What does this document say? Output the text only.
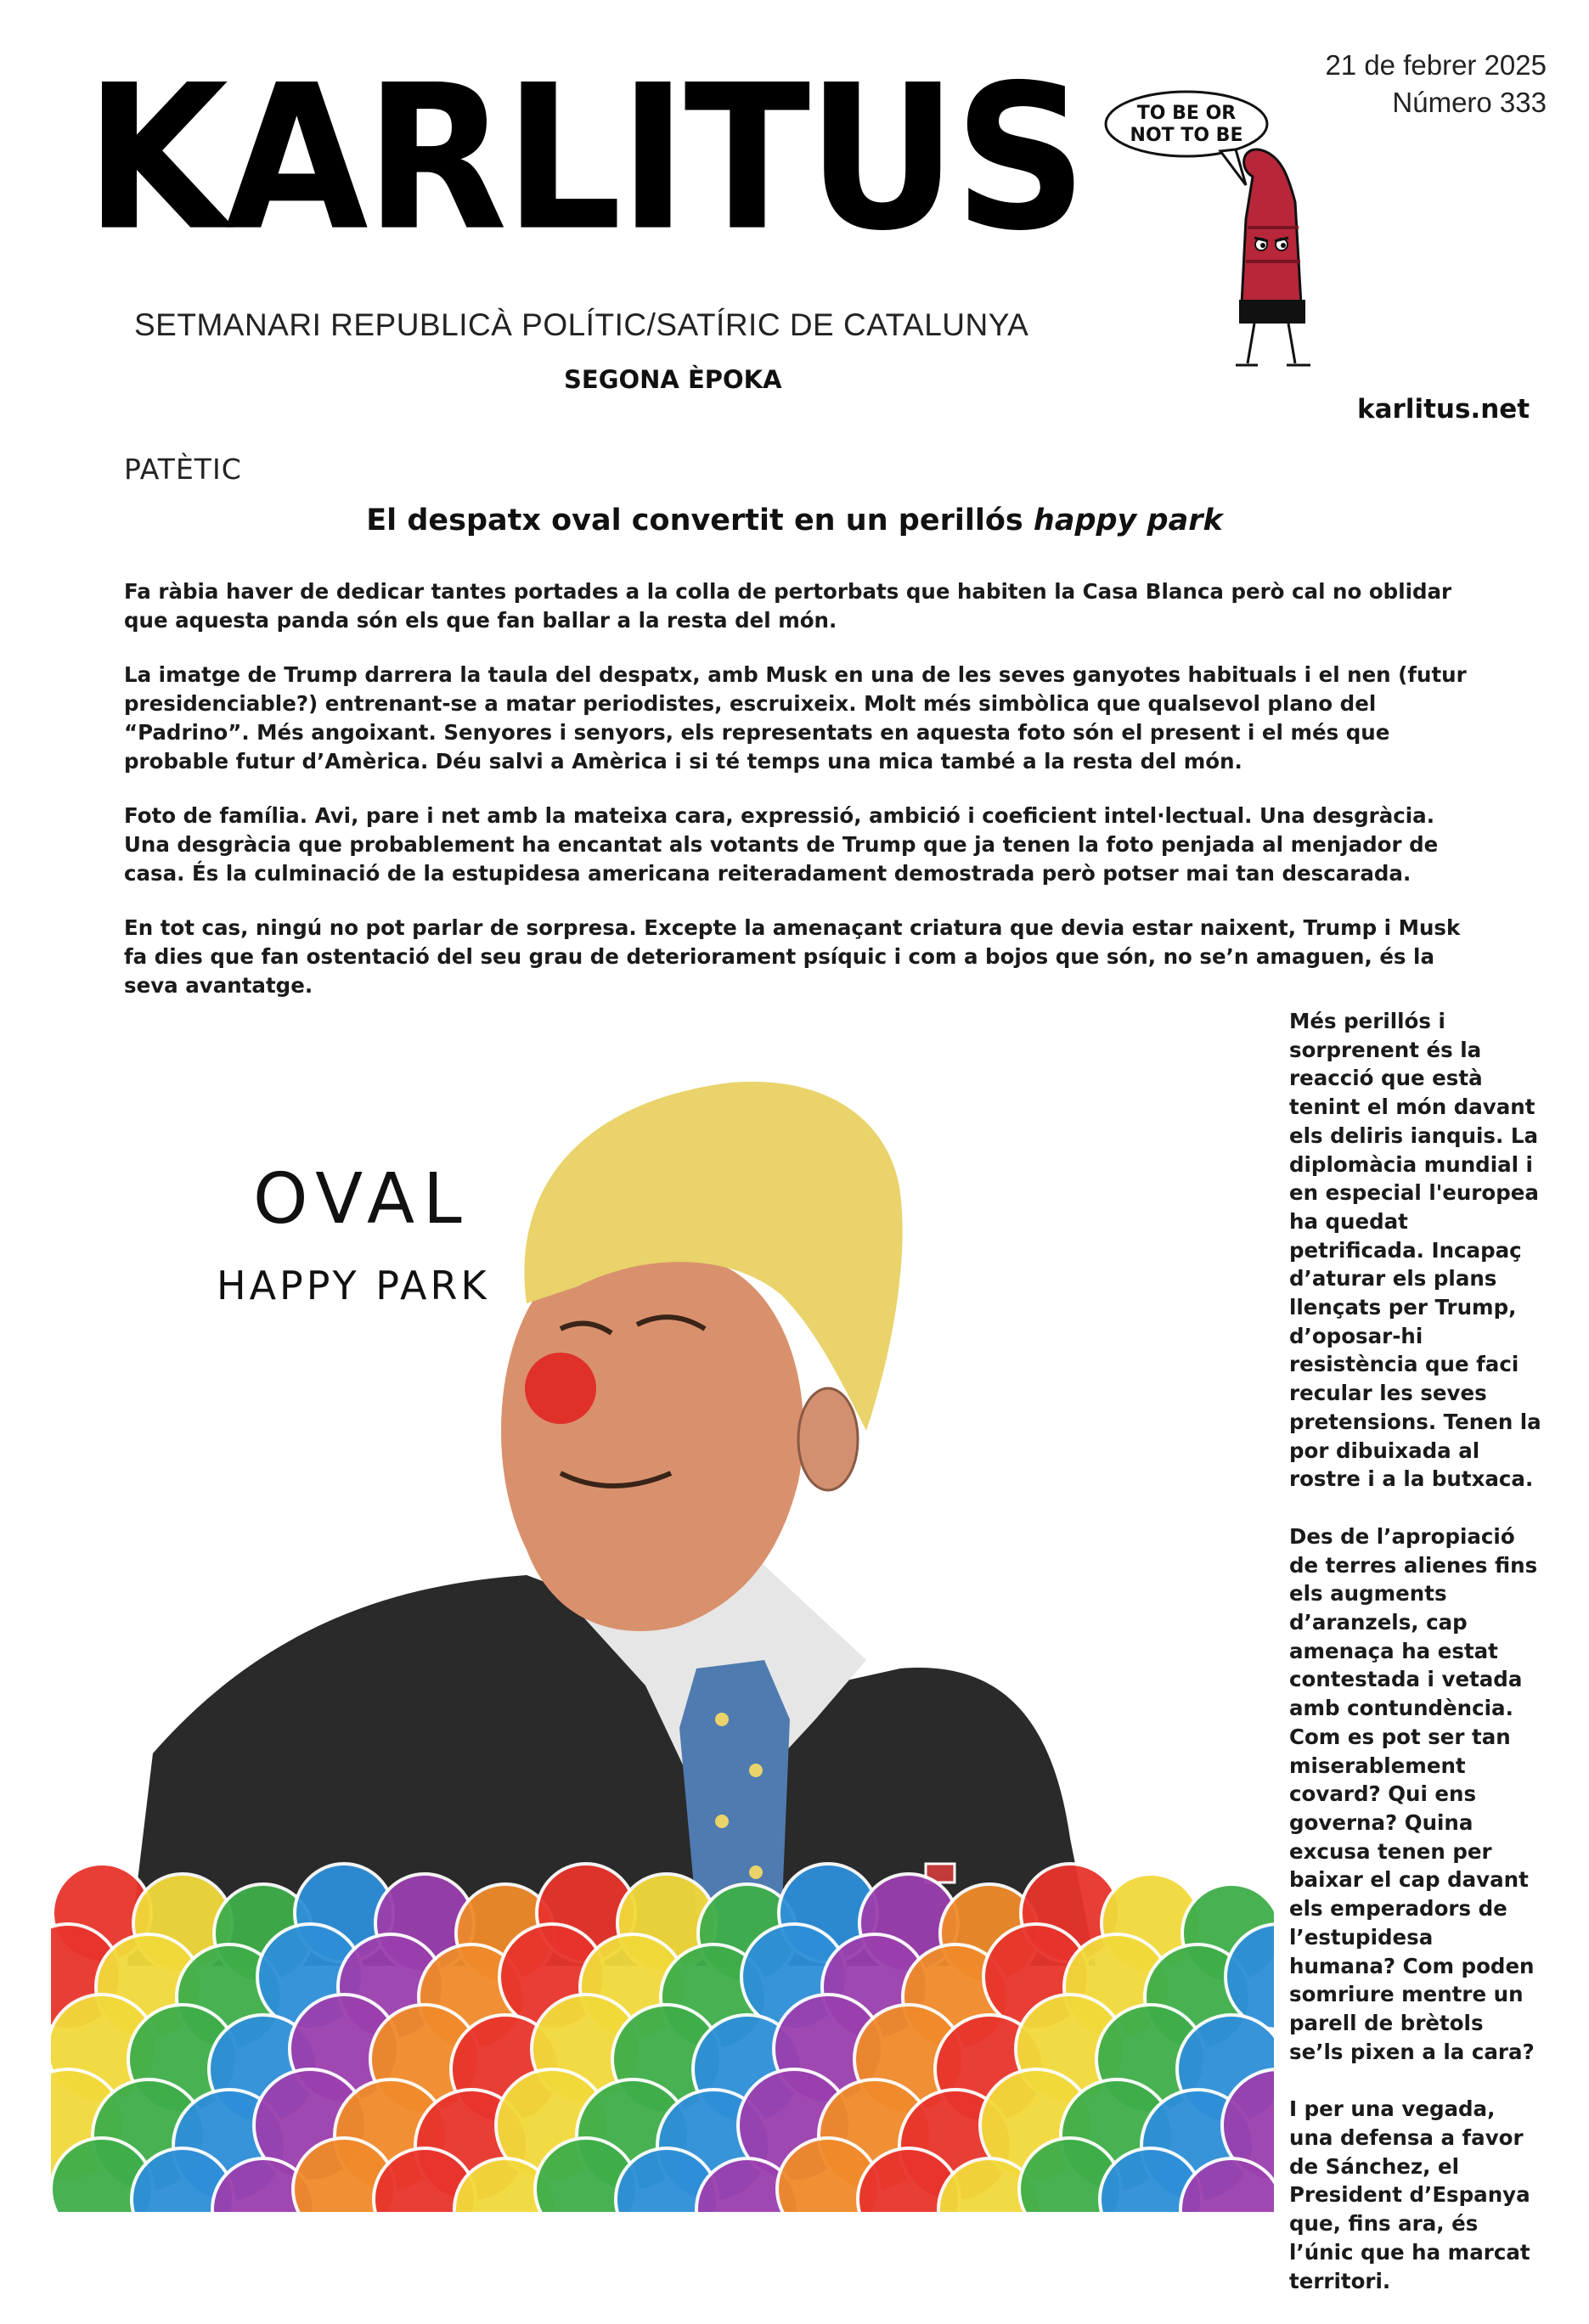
KARLITUS
SETMANARI REPUBLICÀ POLÍTIC/SATÍRIC DE CATALUNYA
SEGONA ÈPOKA
21 de febrer 2025
Número 333
TO BE OR
NOT TO BE
karlitus.net
PATÈTIC
El despatx oval convertit en un perillós happy park

Fa ràbia haver de dedicar tantes portades a la colla de pertorbats que habiten la Casa Blanca però cal no oblidar que aquesta panda són els que fan ballar a la resta del món.

La imatge de Trump darrera la taula del despatx, amb Musk en una de les seves ganyotes habituals i el nen (futur presidenciable?) entrenant-se a matar periodistes, escruixeix. Molt més simbòlica que qualsevol plano del “Padrino”. Més angoixant. Senyores i senyors, els representats en aquesta foto són el present i el més que probable futur d’Amèrica. Déu salvi a Amèrica i si té temps una mica també a la resta del món.

Foto de família. Avi, pare i net amb la mateixa cara, expressió, ambició i coeficient intel·lectual. Una desgràcia. Una desgràcia que probablement ha encantat als votants de Trump que ja tenen la foto penjada al menjador de casa. És la culminació de la estupidesa americana reiteradament demostrada però potser mai tan descarada.

En tot cas, ningú no pot parlar de sorpresa. Excepte la amenaçant criatura que devia estar naixent, Trump i Musk fa dies que fan ostentació del seu grau de deteriorament psíquic i com a bojos que són, no se’n amaguen, és la seva avantatge.

Més perillós i sorprenent és la reacció que està tenint el món davant els deliris ianquis. La diplomàcia mundial i en especial l'europea ha quedat petrificada. Incapaç d’aturar els plans llençats per Trump, d’oposar-hi resistència que faci recular les seves pretensions. Tenen la por dibuixada al rostre i a la butxaca.

Des de l’apropiació de terres alienes fins els augments d’aranzels, cap amenaça ha estat contestada i vetada amb contundència. Com es pot ser tan miserablement covard? Qui ens governa? Quina excusa tenen per baixar el cap davant els emperadors de l’estupidesa humana? Com poden somriure mentre un parell de brètols se’ls pixen a la cara?

I per una vegada, una defensa a favor de Sánchez, el President d’Espanya que, fins ara, és l’únic que ha marcat territori.

OVAL
HAPPY PARK
